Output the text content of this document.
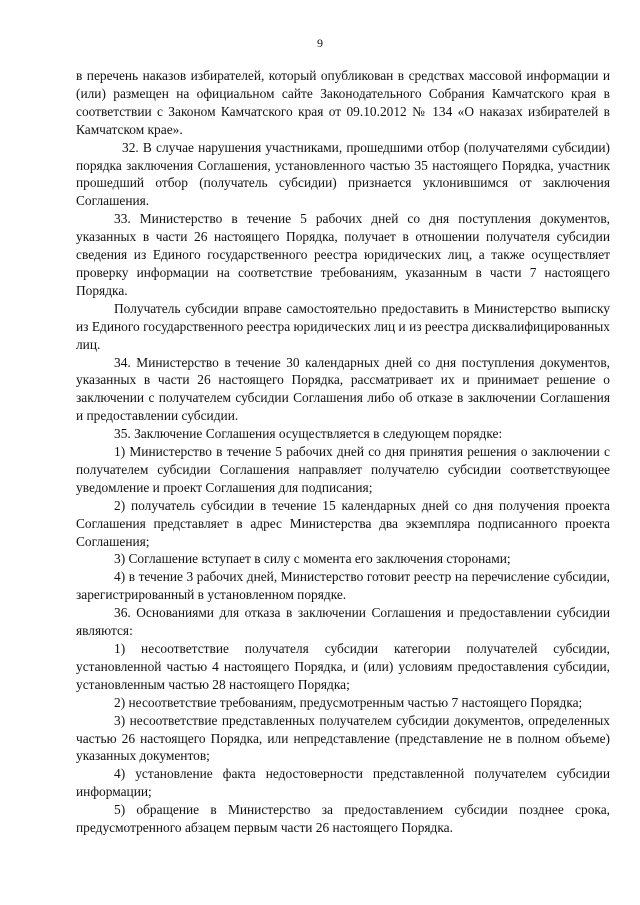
9

в перечень наказов избирателей, который опубликован в средствах массовой информации и (или) размещен на официальном сайте Законодательного Собрания Камчатского края в соответствии с Законом Камчатского края от 09.10.2012 № 134 «О наказах избирателей в Камчатском крае».

32. В случае нарушения участниками, прошедшими отбор (получателями субсидии) порядка заключения Соглашения, установленного частью 35 настоящего Порядка, участник прошедший отбор (получатель субсидии) признается уклонившимся от заключения Соглашения.

33. Министерство в течение 5 рабочих дней со дня поступления документов, указанных в части 26 настоящего Порядка, получает в отношении получателя субсидии сведения из Единого государственного реестра юридических лиц, а также осуществляет проверку информации на соответствие требованиям, указанным в части 7 настоящего Порядка.

Получатель субсидии вправе самостоятельно предоставить в Министерство выписку из Единого государственного реестра юридических лиц и из реестра дисквалифицированных лиц.

34. Министерство в течение 30 календарных дней со дня поступления документов, указанных в части 26 настоящего Порядка, рассматривает их и принимает решение о заключении с получателем субсидии Соглашения либо об отказе в заключении Соглашения и предоставлении субсидии.

35. Заключение Соглашения осуществляется в следующем порядке:

1) Министерство в течение 5 рабочих дней со дня принятия решения о заключении с получателем субсидии Соглашения направляет получателю субсидии соответствующее уведомление и проект Соглашения для подписания;

2) получатель субсидии в течение 15 календарных дней со дня получения проекта Соглашения представляет в адрес Министерства два экземпляра подписанного проекта Соглашения;

3) Соглашение вступает в силу с момента его заключения сторонами;

4) в течение 3 рабочих дней, Министерство готовит реестр на перечисление субсидии, зарегистрированный в установленном порядке.

36. Основаниями для отказа в заключении Соглашения и предоставлении субсидии являются:

1) несоответствие получателя субсидии категории получателей субсидии, установленной частью 4 настоящего Порядка, и (или) условиям предоставления субсидии, установленным частью 28 настоящего Порядка;

2) несоответствие требованиям, предусмотренным частью 7 настоящего Порядка;

3) несоответствие представленных получателем субсидии документов, определенных частью 26 настоящего Порядка, или непредставление (представление не в полном объеме) указанных документов;

4) установление факта недостоверности представленной получателем субсидии информации;

5) обращение в Министерство за предоставлением субсидии позднее срока, предусмотренного абзацем первым части 26 настоящего Порядка.
